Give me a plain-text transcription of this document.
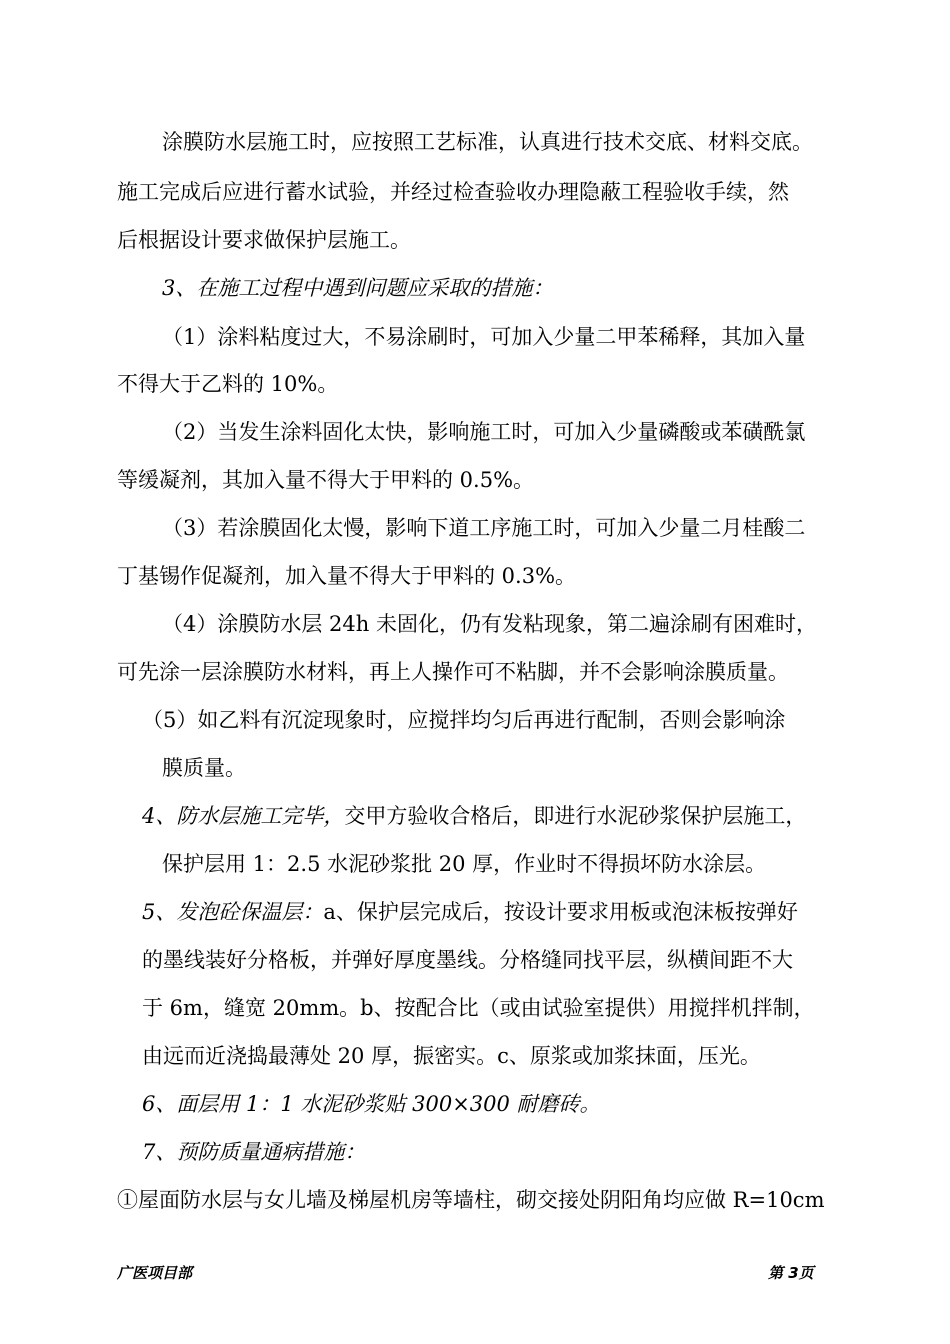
涂膜防水层施工时，应按照工艺标准，认真进行技术交底、材料交底。
施工完成后应进行蓄水试验，并经过检查验收办理隐蔽工程验收手续，然
后根据设计要求做保护层施工。
3、在施工过程中遇到问题应采取的措施：
（1）涂料粘度过大，不易涂刷时，可加入少量二甲苯稀释，其加入量
不得大于乙料的 10%。
（2）当发生涂料固化太快，影响施工时，可加入少量磷酸或苯磺酰氯
等缓凝剂，其加入量不得大于甲料的 0.5%。
（3）若涂膜固化太慢，影响下道工序施工时，可加入少量二月桂酸二
丁基锡作促凝剂，加入量不得大于甲料的 0.3%。
（4）涂膜防水层 24h 未固化，仍有发粘现象，第二遍涂刷有困难时，
可先涂一层涂膜防水材料，再上人操作可不粘脚，并不会影响涂膜质量。
（5）如乙料有沉淀现象时，应搅拌均匀后再进行配制，否则会影响涂
膜质量。
4、防水层施工完毕，交甲方验收合格后，即进行水泥砂浆保护层施工，
保护层用 1：2.5 水泥砂浆批 20 厚，作业时不得损坏防水涂层。
5、发泡砼保温层：a、保护层完成后，按设计要求用板或泡沫板按弹好
的墨线装好分格板，并弹好厚度墨线。分格缝同找平层，纵横间距不大
于 6m，缝宽 20mm。b、按配合比（或由试验室提供）用搅拌机拌制，
由远而近浇捣最薄处 20 厚，振密实。c、原浆或加浆抹面，压光。
6、面层用 1：1 水泥砂浆贴 300×300 耐磨砖。
7、预防质量通病措施：
①屋面防水层与女儿墙及梯屋机房等墙柱，砌交接处阴阳角均应做 R=10cm
广医项目部	第 3页
